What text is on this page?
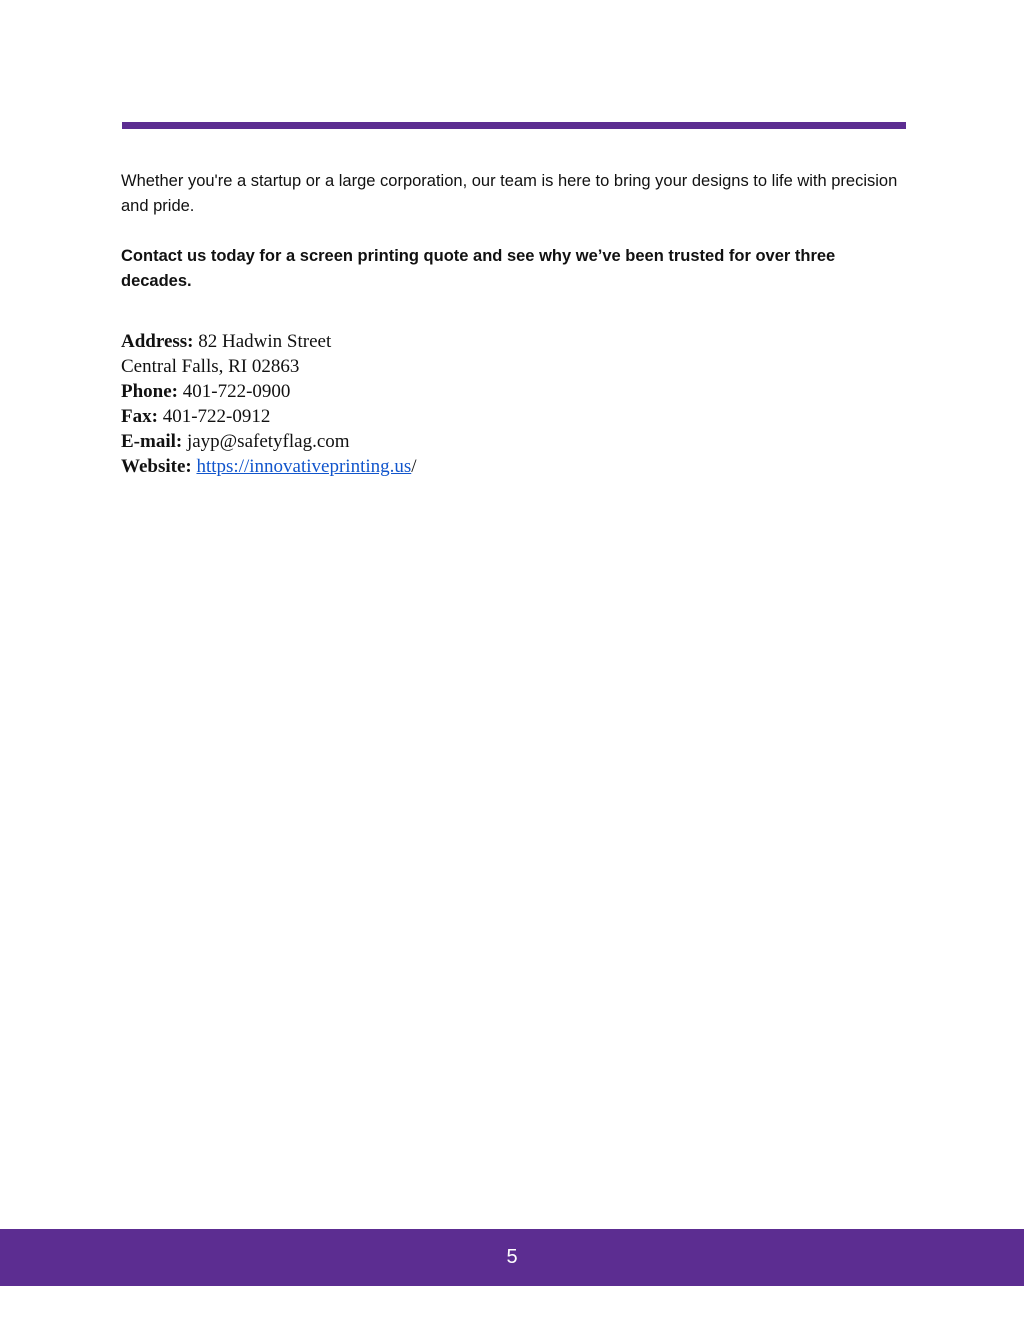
Whether you're a startup or a large corporation, our team is here to bring your designs to life with precision and pride.

Contact us today for a screen printing quote and see why we’ve been trusted for over three decades.

Address: 82 Hadwin Street
Central Falls, RI 02863
Phone: 401-722-0900
Fax: 401-722-0912
E-mail: jayp@safetyflag.com
Website: https://innovativeprinting.us/
5
